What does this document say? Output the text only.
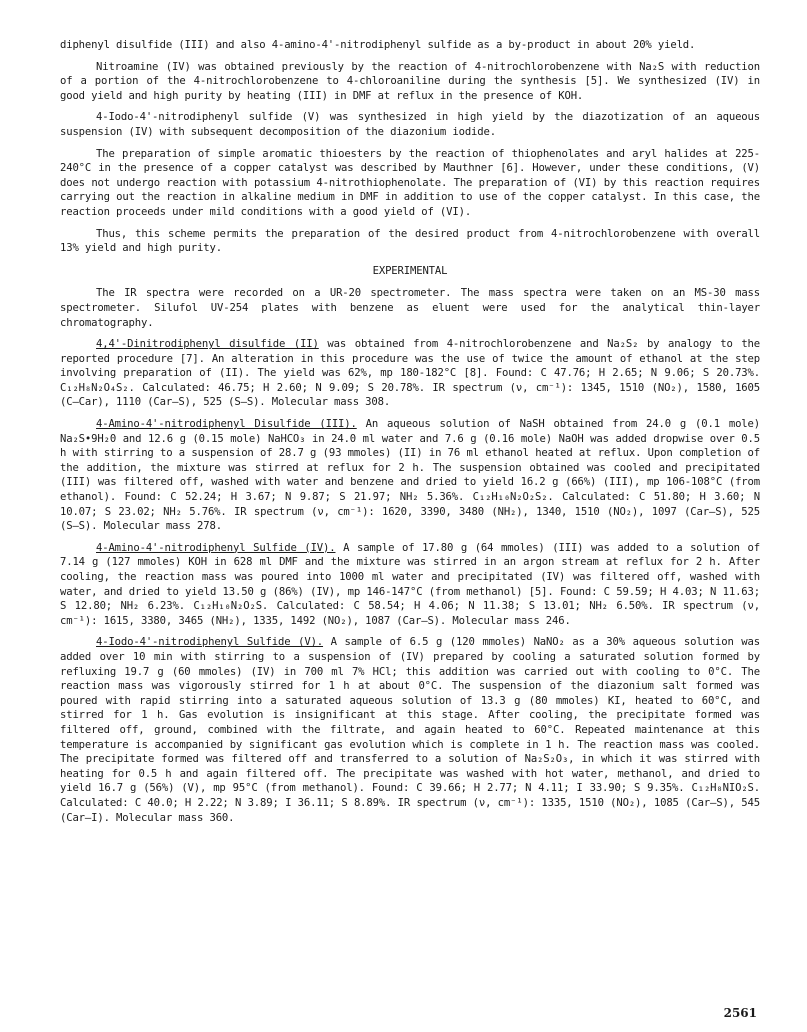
diphenyl disulfide (III) and also 4-amino-4'-nitrodiphenyl sulfide as a by-product in about 20% yield.

Nitroamine (IV) was obtained previously by the reaction of 4-nitrochlorobenzene with Na₂S with reduction of a portion of the 4-nitrochlorobenzene to 4-chloroaniline during the synthesis [5]. We synthesized (IV) in good yield and high purity by heating (III) in DMF at reflux in the presence of KOH.

4-Iodo-4'-nitrodiphenyl sulfide (V) was synthesized in high yield by the diazotization of an aqueous suspension (IV) with subsequent decomposition of the diazonium iodide.

The preparation of simple aromatic thioesters by the reaction of thiophenolates and aryl halides at 225-240°C in the presence of a copper catalyst was described by Mauthner [6]. However, under these conditions, (V) does not undergo reaction with potassium 4-nitrothiophenolate. The preparation of (VI) by this reaction requires carrying out the reaction in alkaline medium in DMF in addition to use of the copper catalyst. In this case, the reaction proceeds under mild conditions with a good yield of (VI).

Thus, this scheme permits the preparation of the desired product from 4-nitrochlorobenzene with overall 13% yield and high purity.

EXPERIMENTAL

The IR spectra were recorded on a UR-20 spectrometer. The mass spectra were taken on an MS-30 mass spectrometer. Silufol UV-254 plates with benzene as eluent were used for the analytical thin-layer chromatography.

4,4'-Dinitrodiphenyl disulfide (II) was obtained from 4-nitrochlorobenzene and Na₂S₂ by analogy to the reported procedure [7]. An alteration in this procedure was the use of twice the amount of ethanol at the step involving preparation of (II). The yield was 62%, mp 180-182°C [8]. Found: C 47.76; H 2.65; N 9.06; S 20.73%. C₁₂H₈N₂O₄S₂. Calculated: 46.75; H 2.60; N 9.09; S 20.78%. IR spectrum (ν, cm⁻¹): 1345, 1510 (NO₂), 1580, 1605 (C–Car), 1110 (Car–S), 525 (S–S). Molecular mass 308.

4-Amino-4'-nitrodiphenyl Disulfide (III). An aqueous solution of NaSH obtained from 24.0 g (0.1 mole) Na₂S•9H₂0 and 12.6 g (0.15 mole) NaHCO₃ in 24.0 ml water and 7.6 g (0.16 mole) NaOH was added dropwise over 0.5 h with stirring to a suspension of 28.7 g (93 mmoles) (II) in 76 ml ethanol heated at reflux. Upon completion of the addition, the mixture was stirred at reflux for 2 h. The suspension obtained was cooled and precipitated (III) was filtered off, washed with water and benzene and dried to yield 16.2 g (66%) (III), mp 106-108°C (from ethanol). Found: C 52.24; H 3.67; N 9.87; S 21.97; NH₂ 5.36%. C₁₂H₁₀N₂O₂S₂. Calculated: C 51.80; H 3.60; N 10.07; S 23.02; NH₂ 5.76%. IR spectrum (ν, cm⁻¹): 1620, 3390, 3480 (NH₂), 1340, 1510 (NO₂), 1097 (Car–S), 525 (S–S). Molecular mass 278.

4-Amino-4'-nitrodiphenyl Sulfide (IV). A sample of 17.80 g (64 mmoles) (III) was added to a solution of 7.14 g (127 mmoles) KOH in 628 ml DMF and the mixture was stirred in an argon stream at reflux for 2 h. After cooling, the reaction mass was poured into 1000 ml water and precipitated (IV) was filtered off, washed with water, and dried to yield 13.50 g (86%) (IV), mp 146-147°C (from methanol) [5]. Found: C 59.59; H 4.03; N 11.63; S 12.80; NH₂ 6.23%. C₁₂H₁₀N₂O₂S. Calculated: C 58.54; H 4.06; N 11.38; S 13.01; NH₂ 6.50%. IR spectrum (ν, cm⁻¹): 1615, 3380, 3465 (NH₂), 1335, 1492 (NO₂), 1087 (Car–S). Molecular mass 246.

4-Iodo-4'-nitrodiphenyl Sulfide (V). A sample of 6.5 g (120 mmoles) NaNO₂ as a 30% aqueous solution was added over 10 min with stirring to a suspension of (IV) prepared by cooling a saturated solution formed by refluxing 19.7 g (60 mmoles) (IV) in 700 ml 7% HCl; this addition was carried out with cooling to 0°C. The reaction mass was vigorously stirred for 1 h at about 0°C. The suspension of the diazonium salt formed was poured with rapid stirring into a saturated aqueous solution of 13.3 g (80 mmoles) KI, heated to 60°C, and stirred for 1 h. Gas evolution is insignificant at this stage. After cooling, the precipitate formed was filtered off, ground, combined with the filtrate, and again heated to 60°C. Repeated maintenance at this temperature is accompanied by significant gas evolution which is complete in 1 h. The reaction mass was cooled. The precipitate formed was filtered off and transferred to a solution of Na₂S₂O₃, in which it was stirred with heating for 0.5 h and again filtered off. The precipitate was washed with hot water, methanol, and dried to yield 16.7 g (56%) (V), mp 95°C (from methanol). Found: C 39.66; H 2.77; N 4.11; I 33.90; S 9.35%. C₁₂H₈NIO₂S. Calculated: C 40.0; H 2.22; N 3.89; I 36.11; S 8.89%. IR spectrum (ν, cm⁻¹): 1335, 1510 (NO₂), 1085 (Car–S), 545 (Car–I). Molecular mass 360.

2561
